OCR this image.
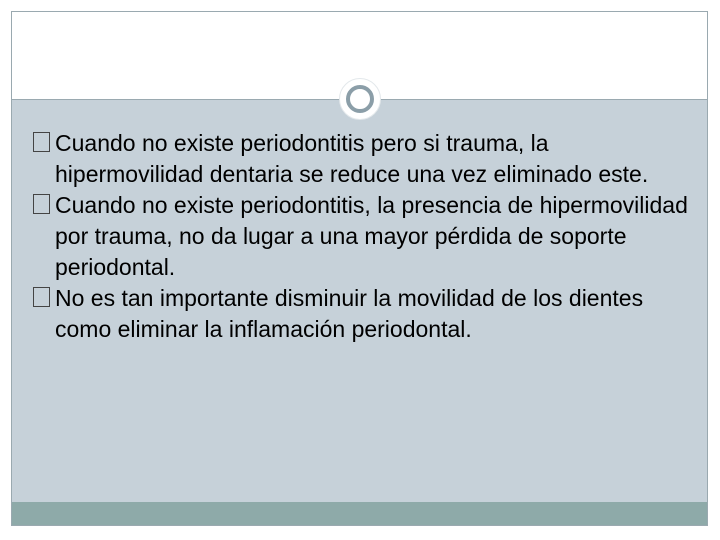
Cuando no existe periodontitis pero si trauma, la hipermovilidad dentaria se reduce una vez eliminado este.
Cuando no existe periodontitis, la presencia de hipermovilidad por trauma, no da lugar a una mayor pérdida de soporte periodontal.
No es tan importante disminuir la movilidad de los dientes como eliminar la inflamación periodontal.
